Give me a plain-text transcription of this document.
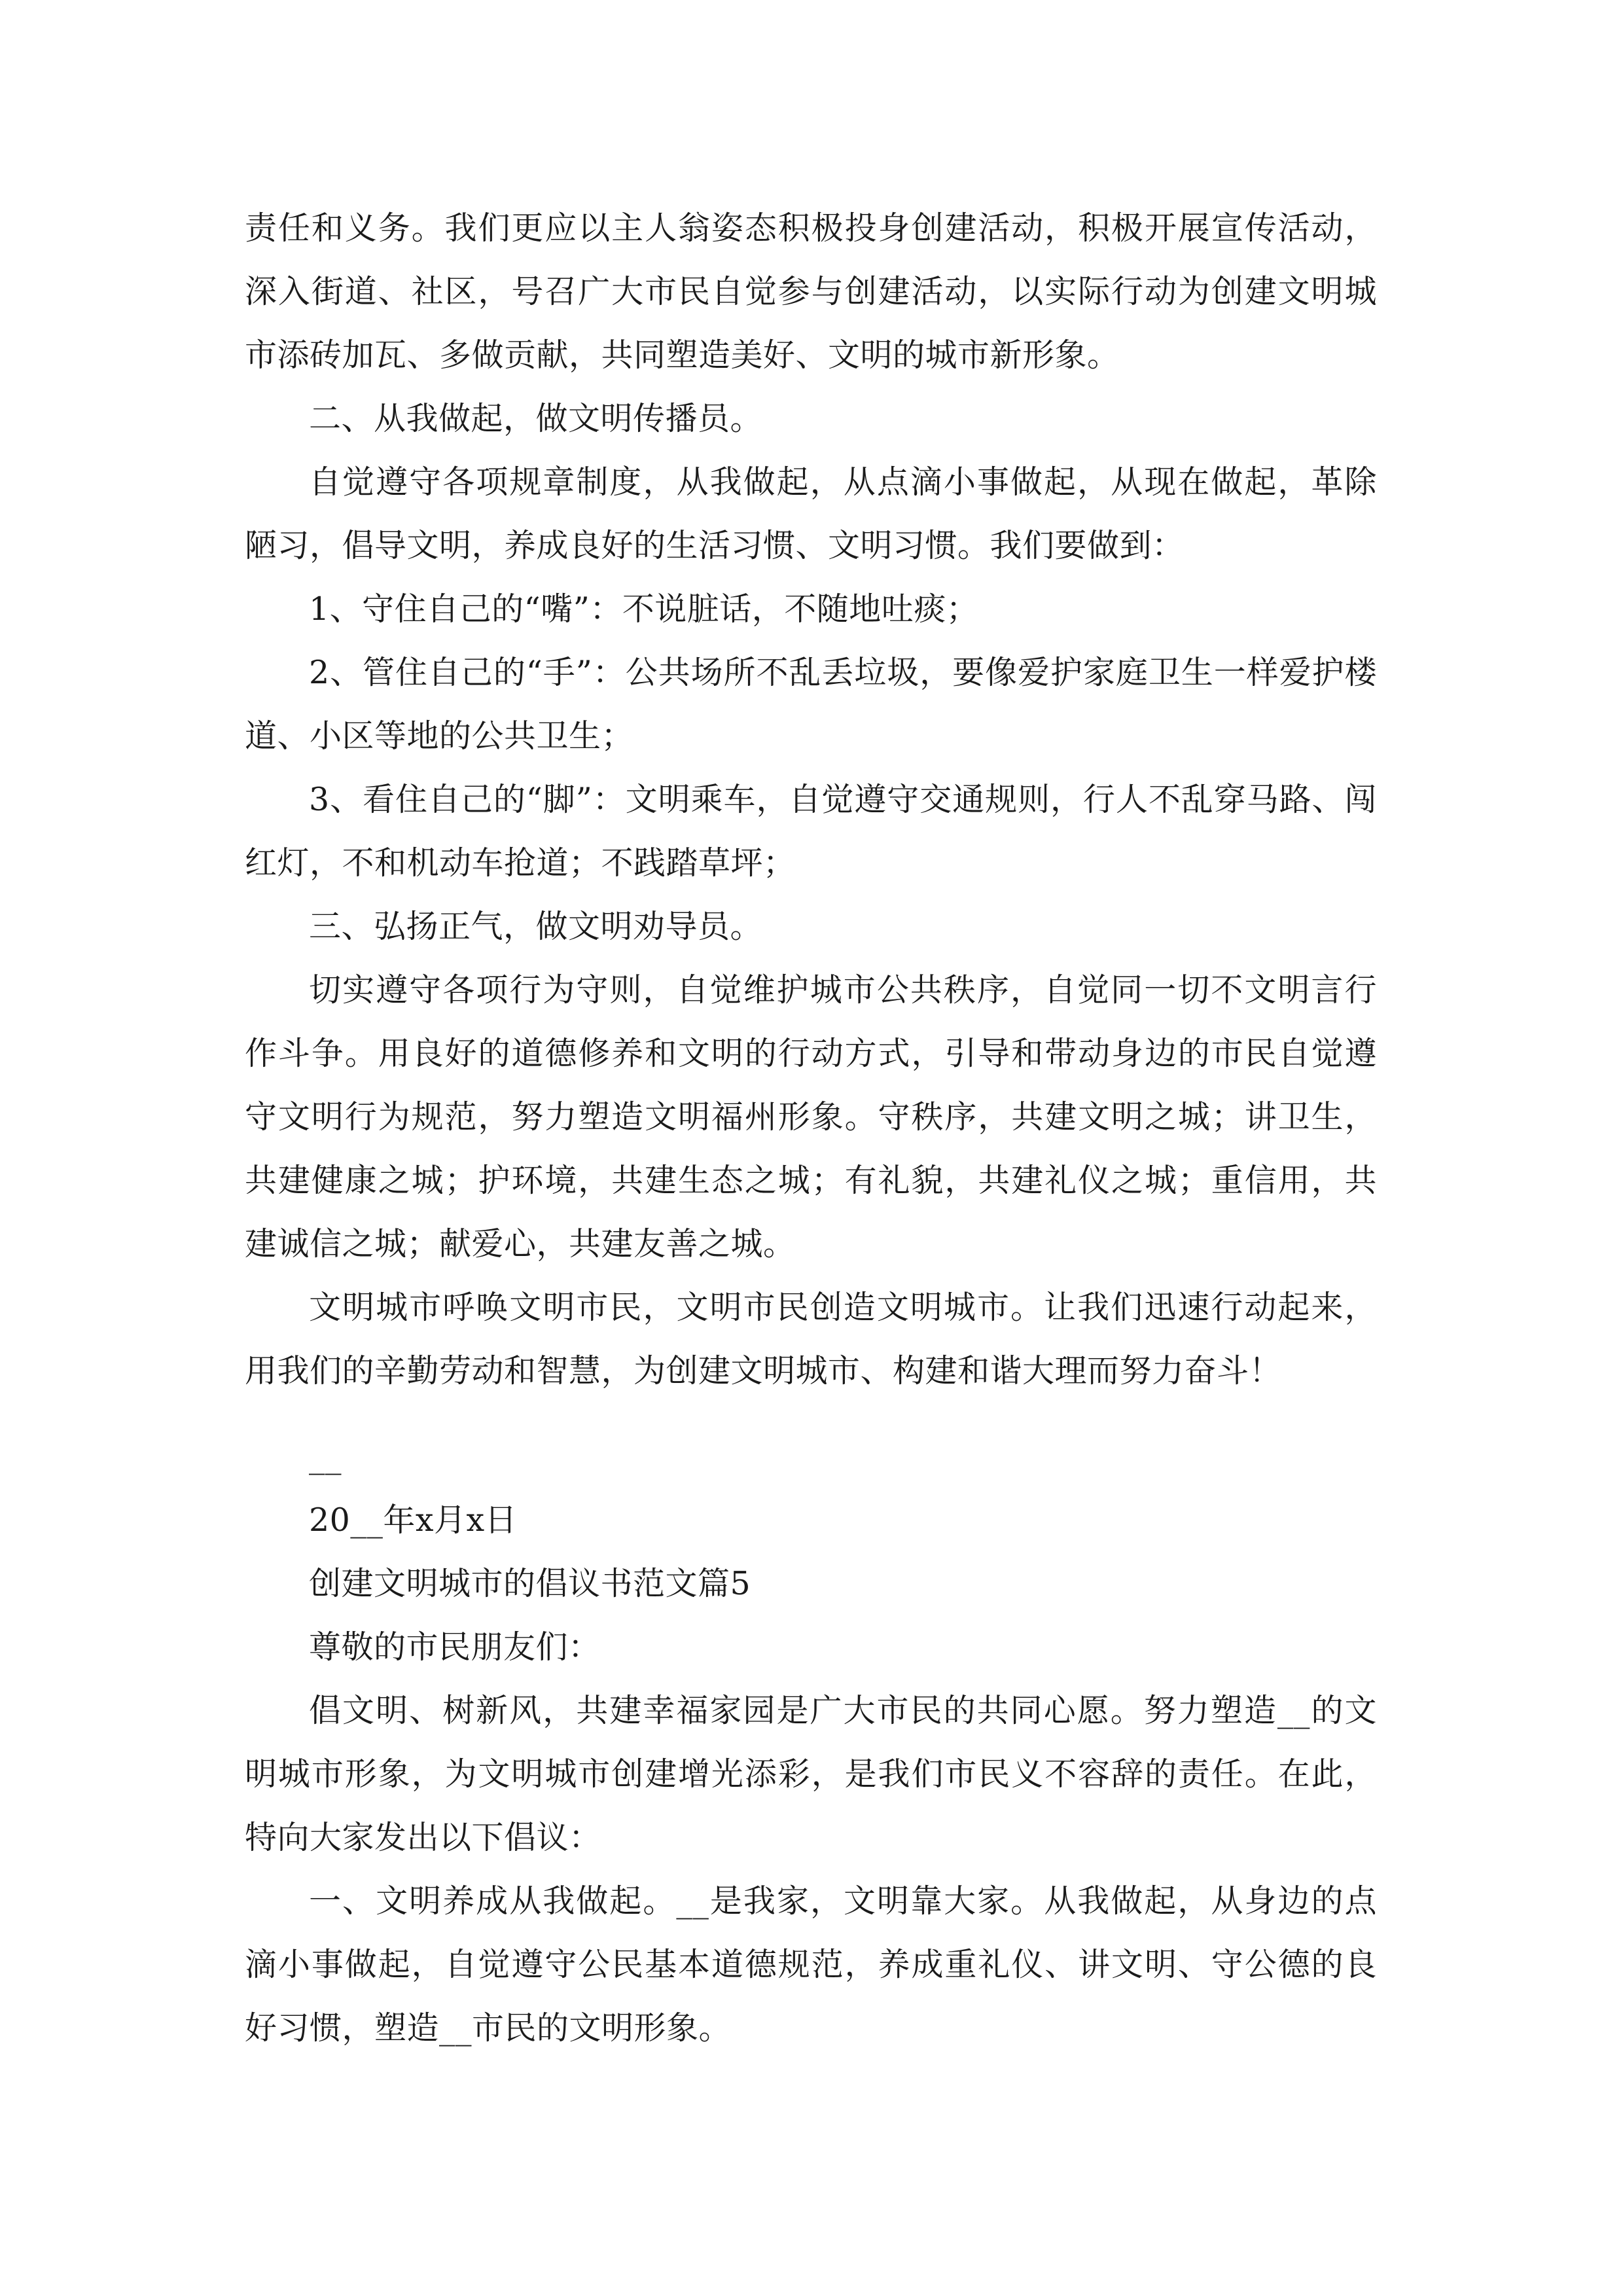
责任和义务。我们更应以主人翁姿态积极投身创建活动，积极开展宣传活动，深入街道、社区，号召广大市民自觉参与创建活动，以实际行动为创建文明城市添砖加瓦、多做贡献，共同塑造美好、文明的城市新形象。

二、从我做起，做文明传播员。

自觉遵守各项规章制度，从我做起，从点滴小事做起，从现在做起，革除陋习，倡导文明，养成良好的生活习惯、文明习惯。我们要做到：

1、守住自己的“嘴”：不说脏话，不随地吐痰；

2、管住自己的“手”：公共场所不乱丢垃圾，要像爱护家庭卫生一样爱护楼道、小区等地的公共卫生；

3、看住自己的“脚”：文明乘车，自觉遵守交通规则，行人不乱穿马路、闯红灯，不和机动车抢道；不践踏草坪；

三、弘扬正气，做文明劝导员。

切实遵守各项行为守则，自觉维护城市公共秩序，自觉同一切不文明言行作斗争。用良好的道德修养和文明的行动方式，引导和带动身边的市民自觉遵守文明行为规范，努力塑造文明福州形象。守秩序，共建文明之城；讲卫生，共建健康之城；护环境，共建生态之城；有礼貌，共建礼仪之城；重信用，共建诚信之城；献爱心，共建友善之城。

文明城市呼唤文明市民，文明市民创造文明城市。让我们迅速行动起来，用我们的辛勤劳动和智慧，为创建文明城市、构建和谐大理而努力奋斗！

__

20__年x月x日

创建文明城市的倡议书范文篇5

尊敬的市民朋友们：

倡文明、树新风，共建幸福家园是广大市民的共同心愿。努力塑造__的文明城市形象，为文明城市创建增光添彩，是我们市民义不容辞的责任。在此，特向大家发出以下倡议：

一、文明养成从我做起。__是我家，文明靠大家。从我做起，从身边的点滴小事做起，自觉遵守公民基本道德规范，养成重礼仪、讲文明、守公德的良好习惯，塑造__市民的文明形象。
